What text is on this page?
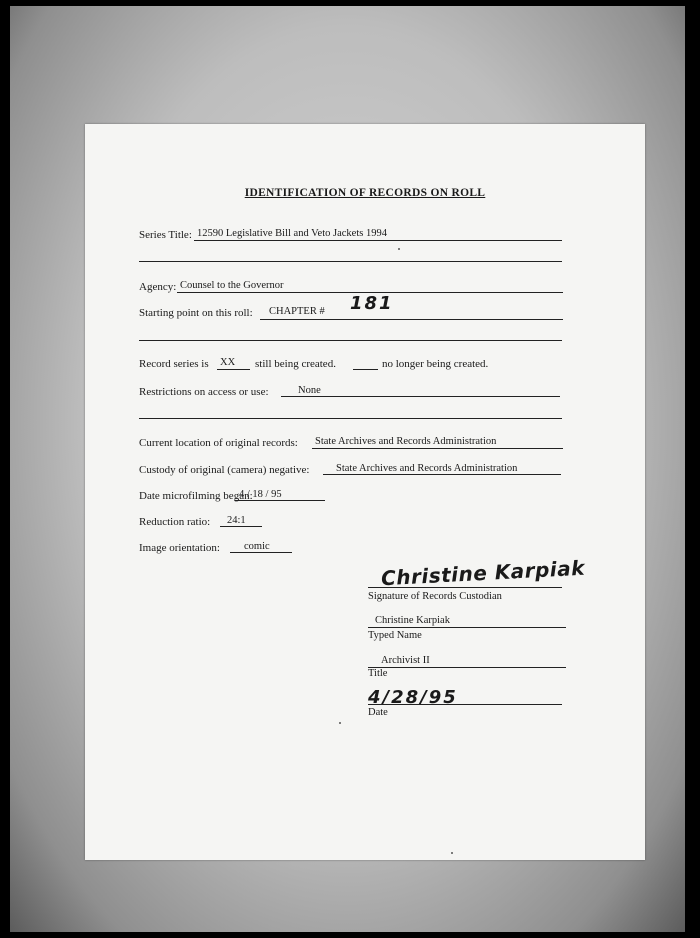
IDENTIFICATION OF RECORDS ON ROLL
Series Title: 12590 Legislative Bill and Veto Jackets 1994
Agency: Counsel to the Governor
Starting point on this roll: CHAPTER # 181
Record series is XX	still being created.	no longer being created.
Restrictions on access or use:	None
Current location of original records: State Archives and Records Administration
Custody of original (camera) negative:	State Archives and Records Administration
Date microfilming began:
4 / 18 / 95
Reduction ratio:	24:1
Image orientation:	comic
Christine Karpiak
Signature of Records Custodian
Christine Karpiak
Typed Name
Archivist II
Title
4/28/95
Date
